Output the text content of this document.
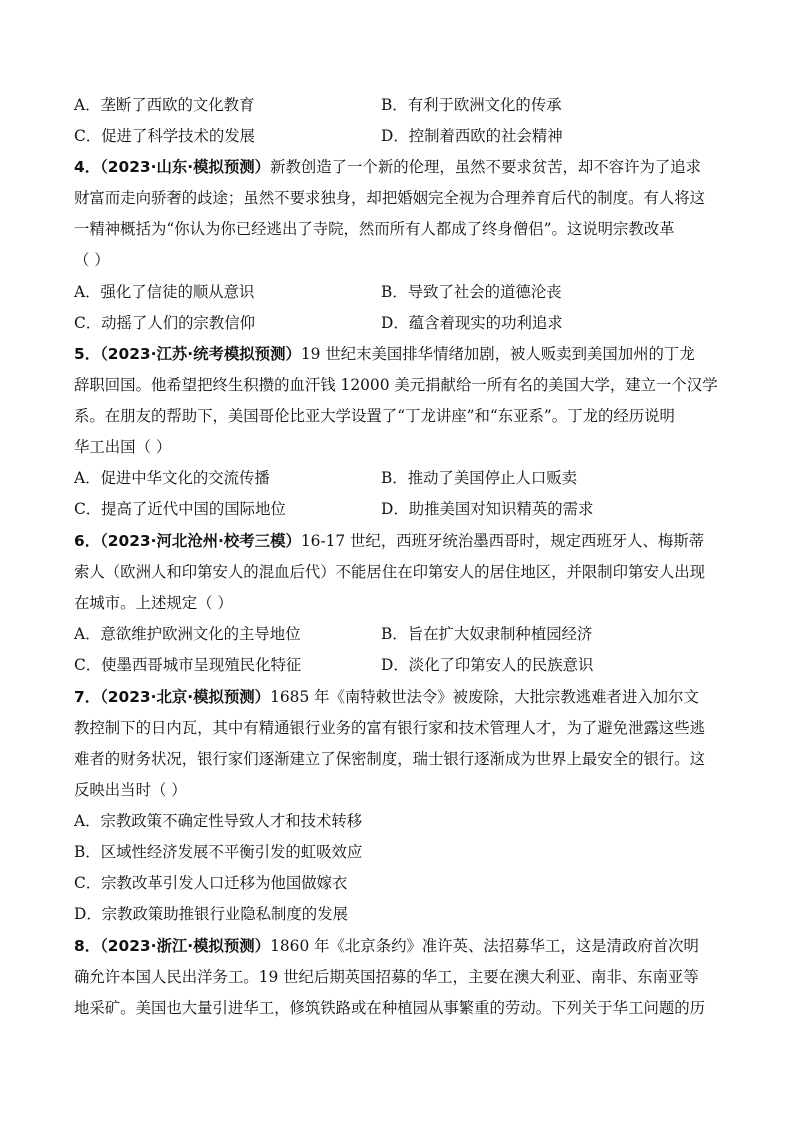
A．垄断了西欧的文化教育	B．有利于欧洲文化的传承
C．促进了科学技术的发展	D．控制着西欧的社会精神
4．（2023·山东·模拟预测）新教创造了一个新的伦理，虽然不要求贫苦，却不容许为了追求
财富而走向骄奢的歧途；虽然不要求独身，却把婚姻完全视为合理养育后代的制度。有人将这
一精神概括为“你认为你已经逃出了寺院，然而所有人都成了终身僧侣”。这说明宗教改革
（ ）
A．强化了信徒的顺从意识	B．导致了社会的道德沦丧
C．动摇了人们的宗教信仰	D．蕴含着现实的功利追求
5．（2023·江苏·统考模拟预测）19 世纪末美国排华情绪加剧，被人贩卖到美国加州的丁龙
辞职回国。他希望把终生积攒的血汗钱 12000 美元捐献给一所有名的美国大学，建立一个汉学
系。在朋友的帮助下，美国哥伦比亚大学设置了“丁龙讲座”和“东亚系”。丁龙的经历说明
华工出国（ ）
A．促进中华文化的交流传播	B．推动了美国停止人口贩卖
C．提高了近代中国的国际地位	D．助推美国对知识精英的需求
6．（2023·河北沧州·校考三模）16-17 世纪，西班牙统治墨西哥时，规定西班牙人、梅斯蒂
索人（欧洲人和印第安人的混血后代）不能居住在印第安人的居住地区，并限制印第安人出现
在城市。上述规定（ ）
A．意欲维护欧洲文化的主导地位	B．旨在扩大奴隶制种植园经济
C．使墨西哥城市呈现殖民化特征	D．淡化了印第安人的民族意识
7．（2023·北京·模拟预测）1685 年《南特敕世法令》被废除，大批宗教逃难者进入加尔文
教控制下的日内瓦，其中有精通银行业务的富有银行家和技术管理人才，为了避免泄露这些逃
难者的财务状况，银行家们逐渐建立了保密制度，瑞士银行逐渐成为世界上最安全的银行。这
反映出当时（ ）
A．宗教政策不确定性导致人才和技术转移
B．区域性经济发展不平衡引发的虹吸效应
C．宗教改革引发人口迁移为他国做嫁衣
D．宗教政策助推银行业隐私制度的发展
8．（2023·浙江·模拟预测）1860 年《北京条约》准许英、法招募华工，这是清政府首次明
确允许本国人民出洋务工。19 世纪后期英国招募的华工，主要在澳大利亚、南非、东南亚等
地采矿。美国也大量引进华工，修筑铁路或在种植园从事繁重的劳动。下列关于华工问题的历
